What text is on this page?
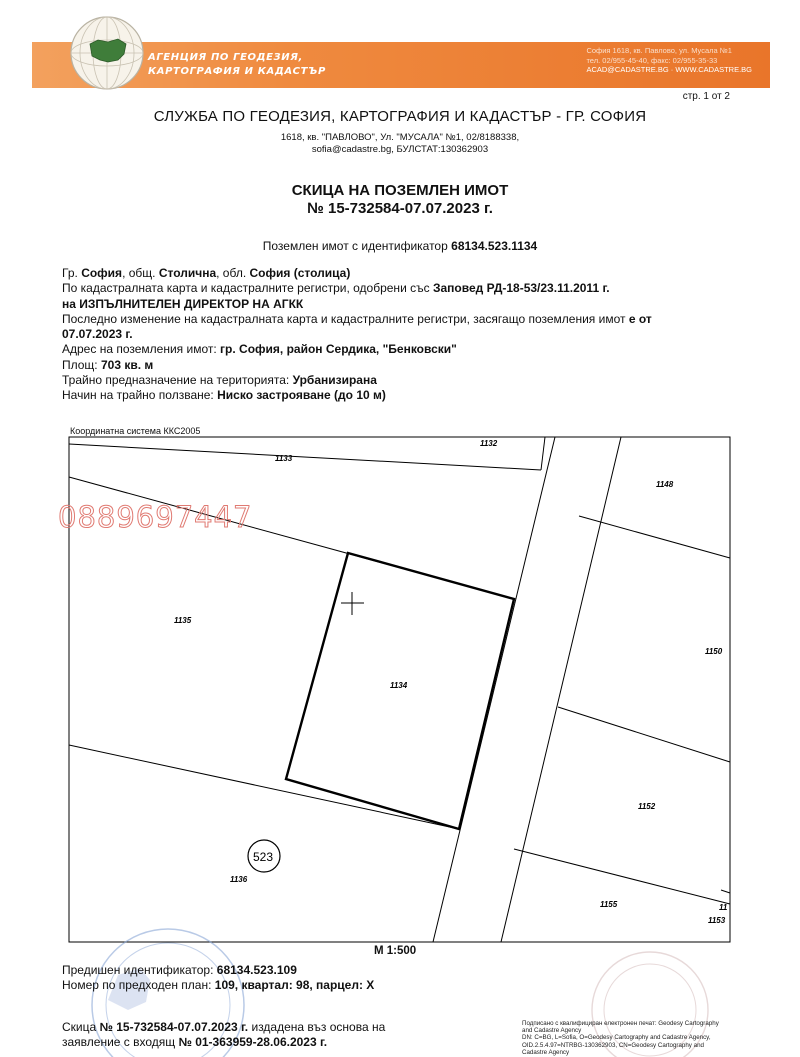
АГЕНЦИЯ ПО ГЕОДЕЗИЯ,
КАРТОГРАФИЯ И КАДАСТЪР
София 1618, кв. Павлово, ул. Мусала №1
тел. 02/955-45-40, факс: 02/955-35-33
ACAD@CADASTRE.BG · WWW.CADASTRE.BG
стр. 1 от 2
СЛУЖБА ПО ГЕОДЕЗИЯ, КАРТОГРАФИЯ И КАДАСТЪР - ГР. СОФИЯ
1618, кв. "ПАВЛОВО", Ул. "МУСАЛА" №1, 02/8188338,
sofia@cadastre.bg, БУЛСТАТ:130362903
СКИЦА НА ПОЗЕМЛЕН ИМОТ
№ 15-732584-07.07.2023 г.
Поземлен имот с идентификатор 68134.523.1134
Гр. София, общ. Столична, обл. София (столица)
По кадастралната карта и кадастралните регистри, одобрени със Заповед РД-18-53/23.11.2011 г.
на ИЗПЪЛНИТЕЛЕН ДИРЕКТОР НА АГКК
Последно изменение на кадастралната карта и кадастралните регистри, засягащо поземления имот е от
07.07.2023 г.
Адрес на поземления имот: гр. София, район Сердика, "Бенковски"
Площ: 703 кв. м
Трайно предназначение на територията: Урбанизирана
Начин на трайно ползване: Ниско застрояване (до 10 м)
Координатна система ККС2005
1132
1133
1148
1135
1134
1150
1152
1136
1155
1153
11
523
0889697447
М 1:500
Предишен идентификатор: 68134.523.109
Номер по предходен план: 109, квартал: 98, парцел: X
Скица № 15-732584-07.07.2023 г. издадена въз основа на
заявление с входящ № 01-363959-28.06.2023 г.
Подписано с квалифициран електронен печат: Geodesy Cartography
and Cadastre Agency
DN: C=BG, L=Sofia, O=Geodesy Cartography and Cadastre Agency,
OID.2.5.4.97=NTRBG-130362903, CN=Geodesy Cartography and
Cadastre Agency
